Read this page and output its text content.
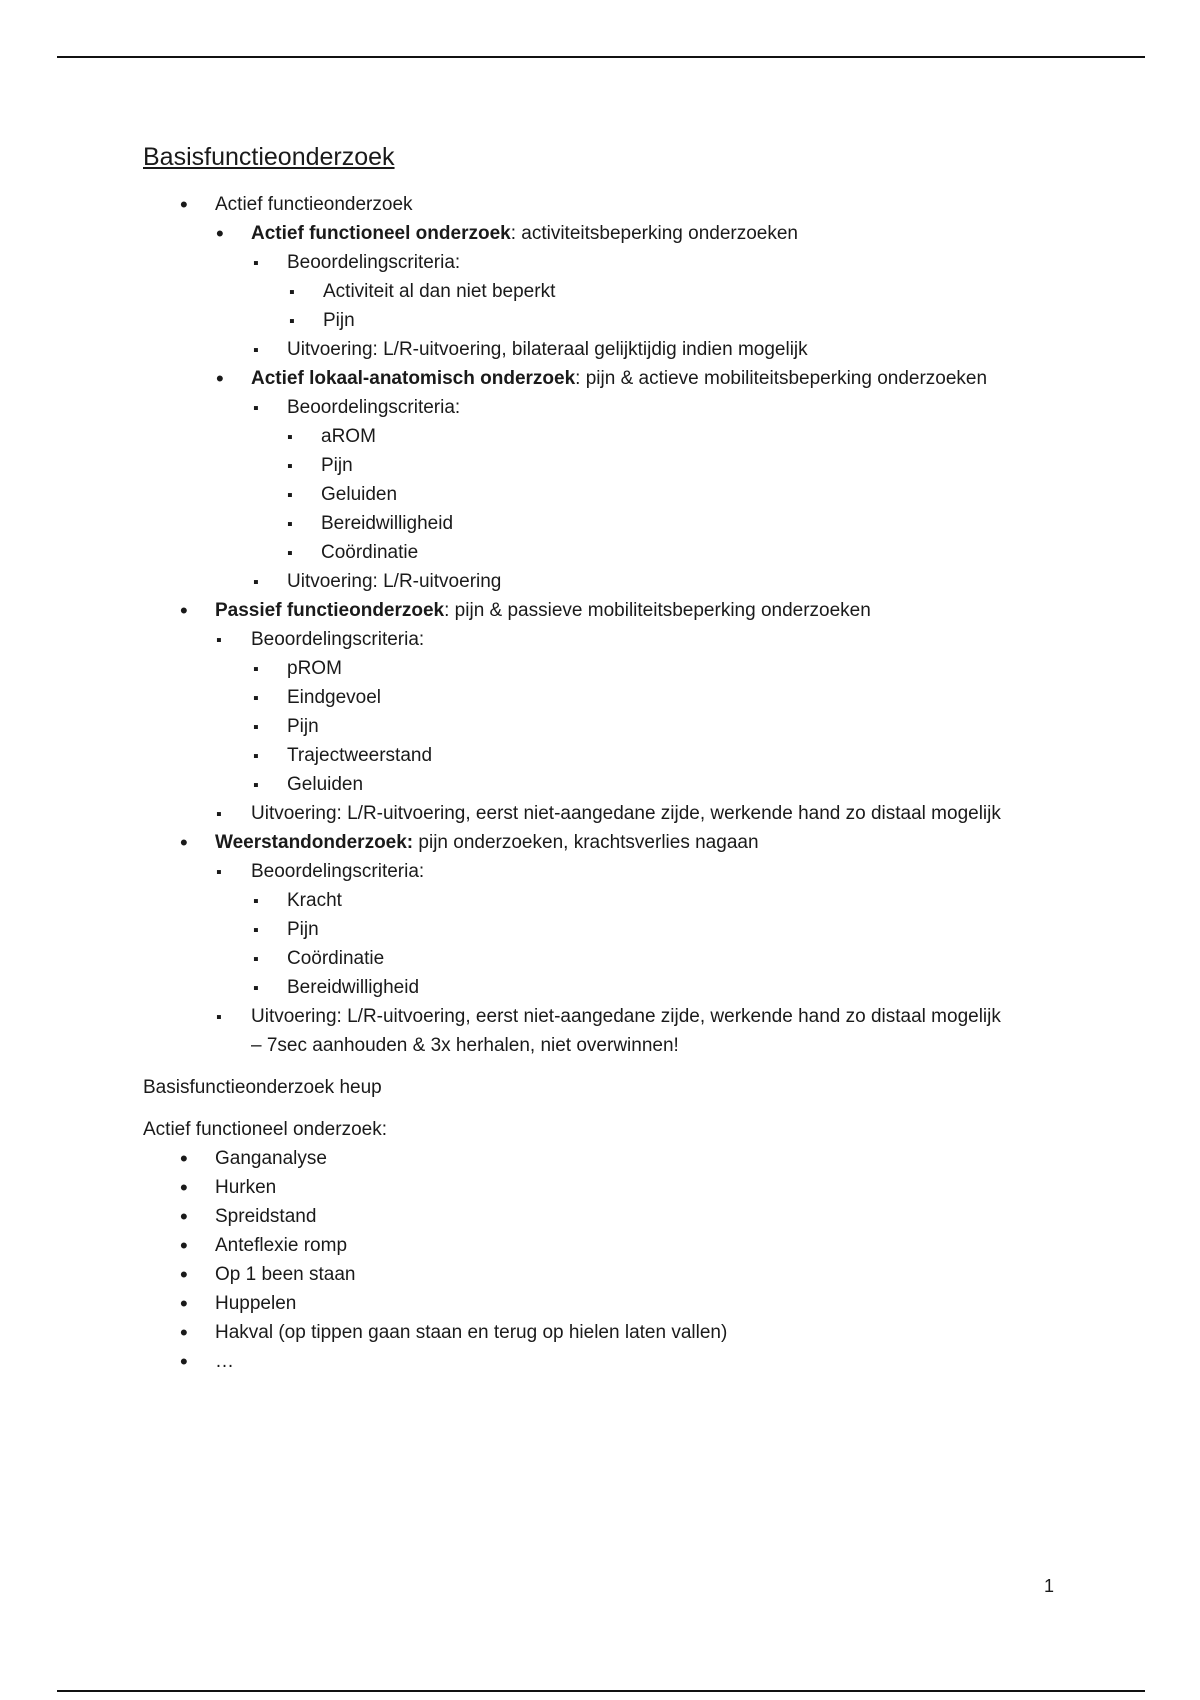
Basisfunctieonderzoek
•
Actief functieonderzoek
•
Actief functioneel onderzoek: activiteitsbeperking onderzoeken
▪
Beoordelingscriteria:
▪
Activiteit al dan niet beperkt
▪
Pijn
▪
Uitvoering: L/R-uitvoering, bilateraal gelijktijdig indien mogelijk
•
Actief lokaal-anatomisch onderzoek: pijn & actieve mobiliteitsbeperking onderzoeken
▪
Beoordelingscriteria:
▪
aROM
▪
Pijn
▪
Geluiden
▪
Bereidwilligheid
▪
Coördinatie
▪
Uitvoering: L/R-uitvoering
•
Passief functieonderzoek: pijn & passieve mobiliteitsbeperking onderzoeken
▪
Beoordelingscriteria:
▪
pROM
▪
Eindgevoel
▪
Pijn
▪
Trajectweerstand
▪
Geluiden
▪
Uitvoering: L/R-uitvoering, eerst niet-aangedane zijde, werkende hand zo distaal mogelijk
•
Weerstandonderzoek: pijn onderzoeken, krachtsverlies nagaan
▪
Beoordelingscriteria:
▪
Kracht
▪
Pijn
▪
Coördinatie
▪
Bereidwilligheid
▪
Uitvoering: L/R-uitvoering, eerst niet-aangedane zijde, werkende hand zo distaal mogelijk
– 7sec aanhouden & 3x herhalen, niet overwinnen!
Basisfunctieonderzoek heup
Actief functioneel onderzoek:
•
Ganganalyse
•
Hurken
•
Spreidstand
•
Anteflexie romp
•
Op 1 been staan
•
Huppelen
•
Hakval (op tippen gaan staan en terug op hielen laten vallen)
•
…
1
